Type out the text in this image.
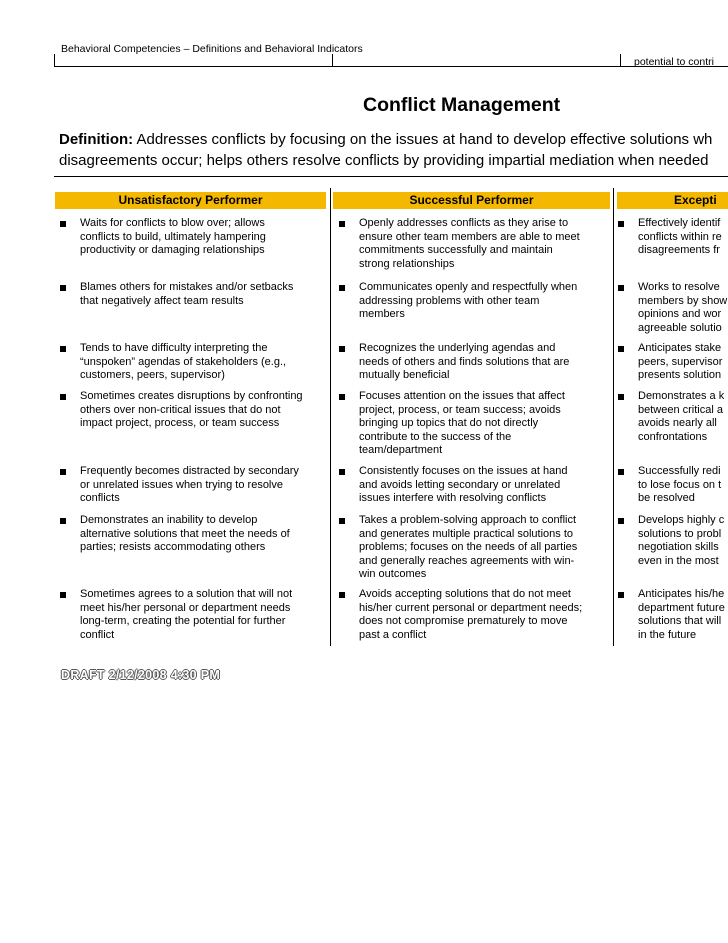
Behavioral Competencies – Definitions and Behavioral Indicators
potential to contri
Conflict Management
Definition: Addresses conflicts by focusing on the issues at hand to develop effective solutions wh
disagreements occur; helps others resolve conflicts by providing impartial mediation when needed
Unsatisfactory Performer	Successful Performer	Excepti
Waits for conflicts to blow over; allows
conflicts to build, ultimately hampering
productivity or damaging relationships
Openly addresses conflicts as they arise to
ensure other team members are able to meet
commitments successfully and maintain
strong relationships
Effectively identif
conflicts within re
disagreements fr
Blames others for mistakes and/or setbacks
that negatively affect team results
Communicates openly and respectfully when
addressing problems with other team
members
Works to resolve
members by show
opinions and wor
agreeable solutio
Tends to have difficulty interpreting the
“unspoken” agendas of stakeholders (e.g.,
customers, peers, supervisor)
Recognizes the underlying agendas and
needs of others and finds solutions that are
mutually beneficial
Anticipates stake
peers, supervisor
presents solution
Sometimes creates disruptions by confronting
others over non-critical issues that do not
impact project, process, or team success
Focuses attention on the issues that affect
project, process, or team success; avoids
bringing up topics that do not directly
contribute to the success of the
team/department
Demonstrates a k
between critical a
avoids nearly all
confrontations
Frequently becomes distracted by secondary
or unrelated issues when trying to resolve
conflicts
Consistently focuses on the issues at hand
and avoids letting secondary or unrelated
issues interfere with resolving conflicts
Successfully redi
to lose focus on t
be resolved
Demonstrates an inability to develop
alternative solutions that meet the needs of
parties; resists accommodating others
Takes a problem-solving approach to conflict
and generates multiple practical solutions to
problems; focuses on the needs of all parties
and generally reaches agreements with win-
win outcomes
Develops highly c
solutions to probl
negotiation skills
even in the most
Sometimes agrees to a solution that will not
meet his/her personal or department needs
long-term, creating the potential for further
conflict
Avoids accepting solutions that do not meet
his/her current personal or department needs;
does not compromise prematurely to move
past a conflict
Anticipates his/he
department future
solutions that will
in the future
DRAFT 2/12/2008 4:30 PM
